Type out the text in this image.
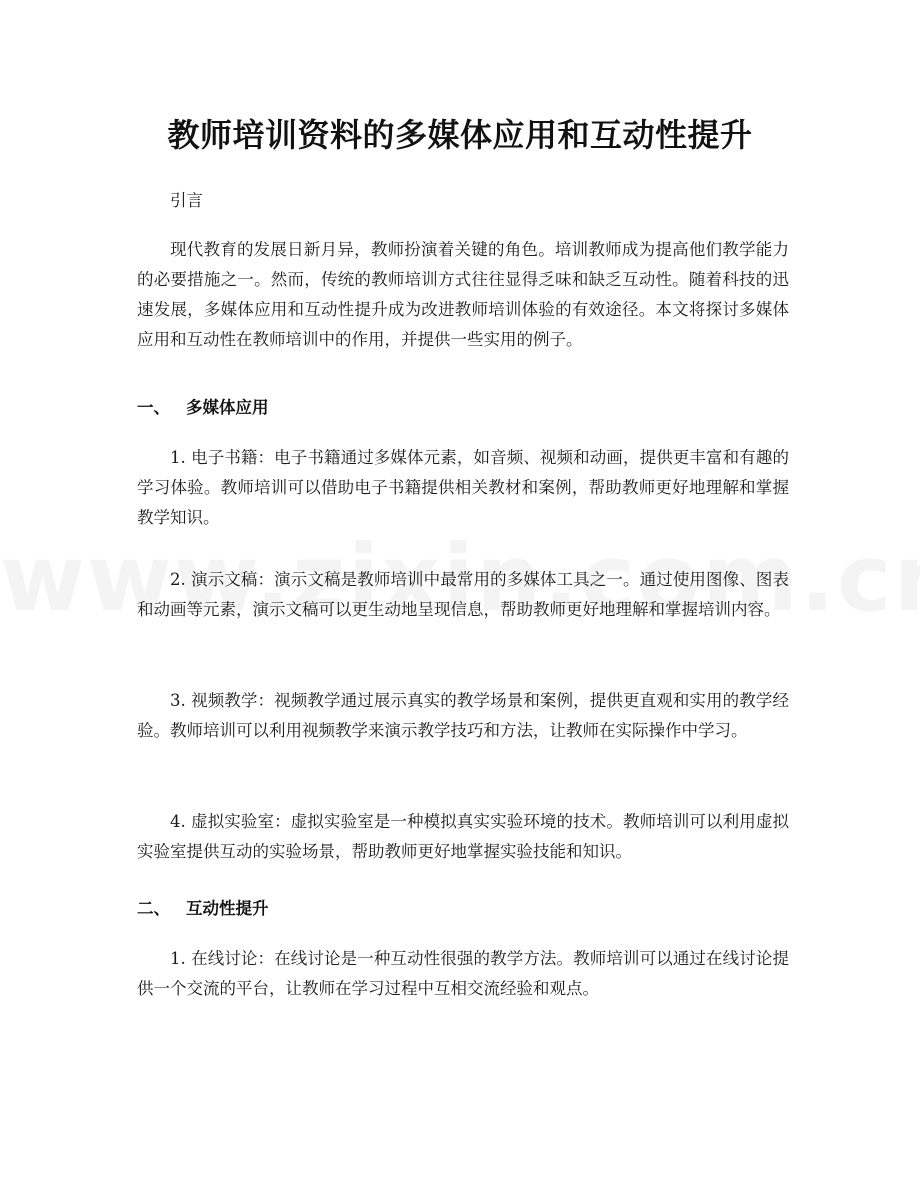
教师培训资料的多媒体应用和互动性提升

引言

现代教育的发展日新月异，教师扮演着关键的角色。培训教师成为提高他们教学能力的必要措施之一。然而，传统的教师培训方式往往显得乏味和缺乏互动性。随着科技的迅速发展，多媒体应用和互动性提升成为改进教师培训体验的有效途径。本文将探讨多媒体应用和互动性在教师培训中的作用，并提供一些实用的例子。

一、 多媒体应用

1. 电子书籍：电子书籍通过多媒体元素，如音频、视频和动画，提供更丰富和有趣的学习体验。教师培训可以借助电子书籍提供相关教材和案例，帮助教师更好地理解和掌握教学知识。

2. 演示文稿：演示文稿是教师培训中最常用的多媒体工具之一。通过使用图像、图表和动画等元素，演示文稿可以更生动地呈现信息，帮助教师更好地理解和掌握培训内容。

3. 视频教学：视频教学通过展示真实的教学场景和案例，提供更直观和实用的教学经验。教师培训可以利用视频教学来演示教学技巧和方法，让教师在实际操作中学习。

4. 虚拟实验室：虚拟实验室是一种模拟真实实验环境的技术。教师培训可以利用虚拟实验室提供互动的实验场景，帮助教师更好地掌握实验技能和知识。

二、 互动性提升

1. 在线讨论：在线讨论是一种互动性很强的教学方法。教师培训可以通过在线讨论提供一个交流的平台，让教师在学习过程中互相交流经验和观点。
